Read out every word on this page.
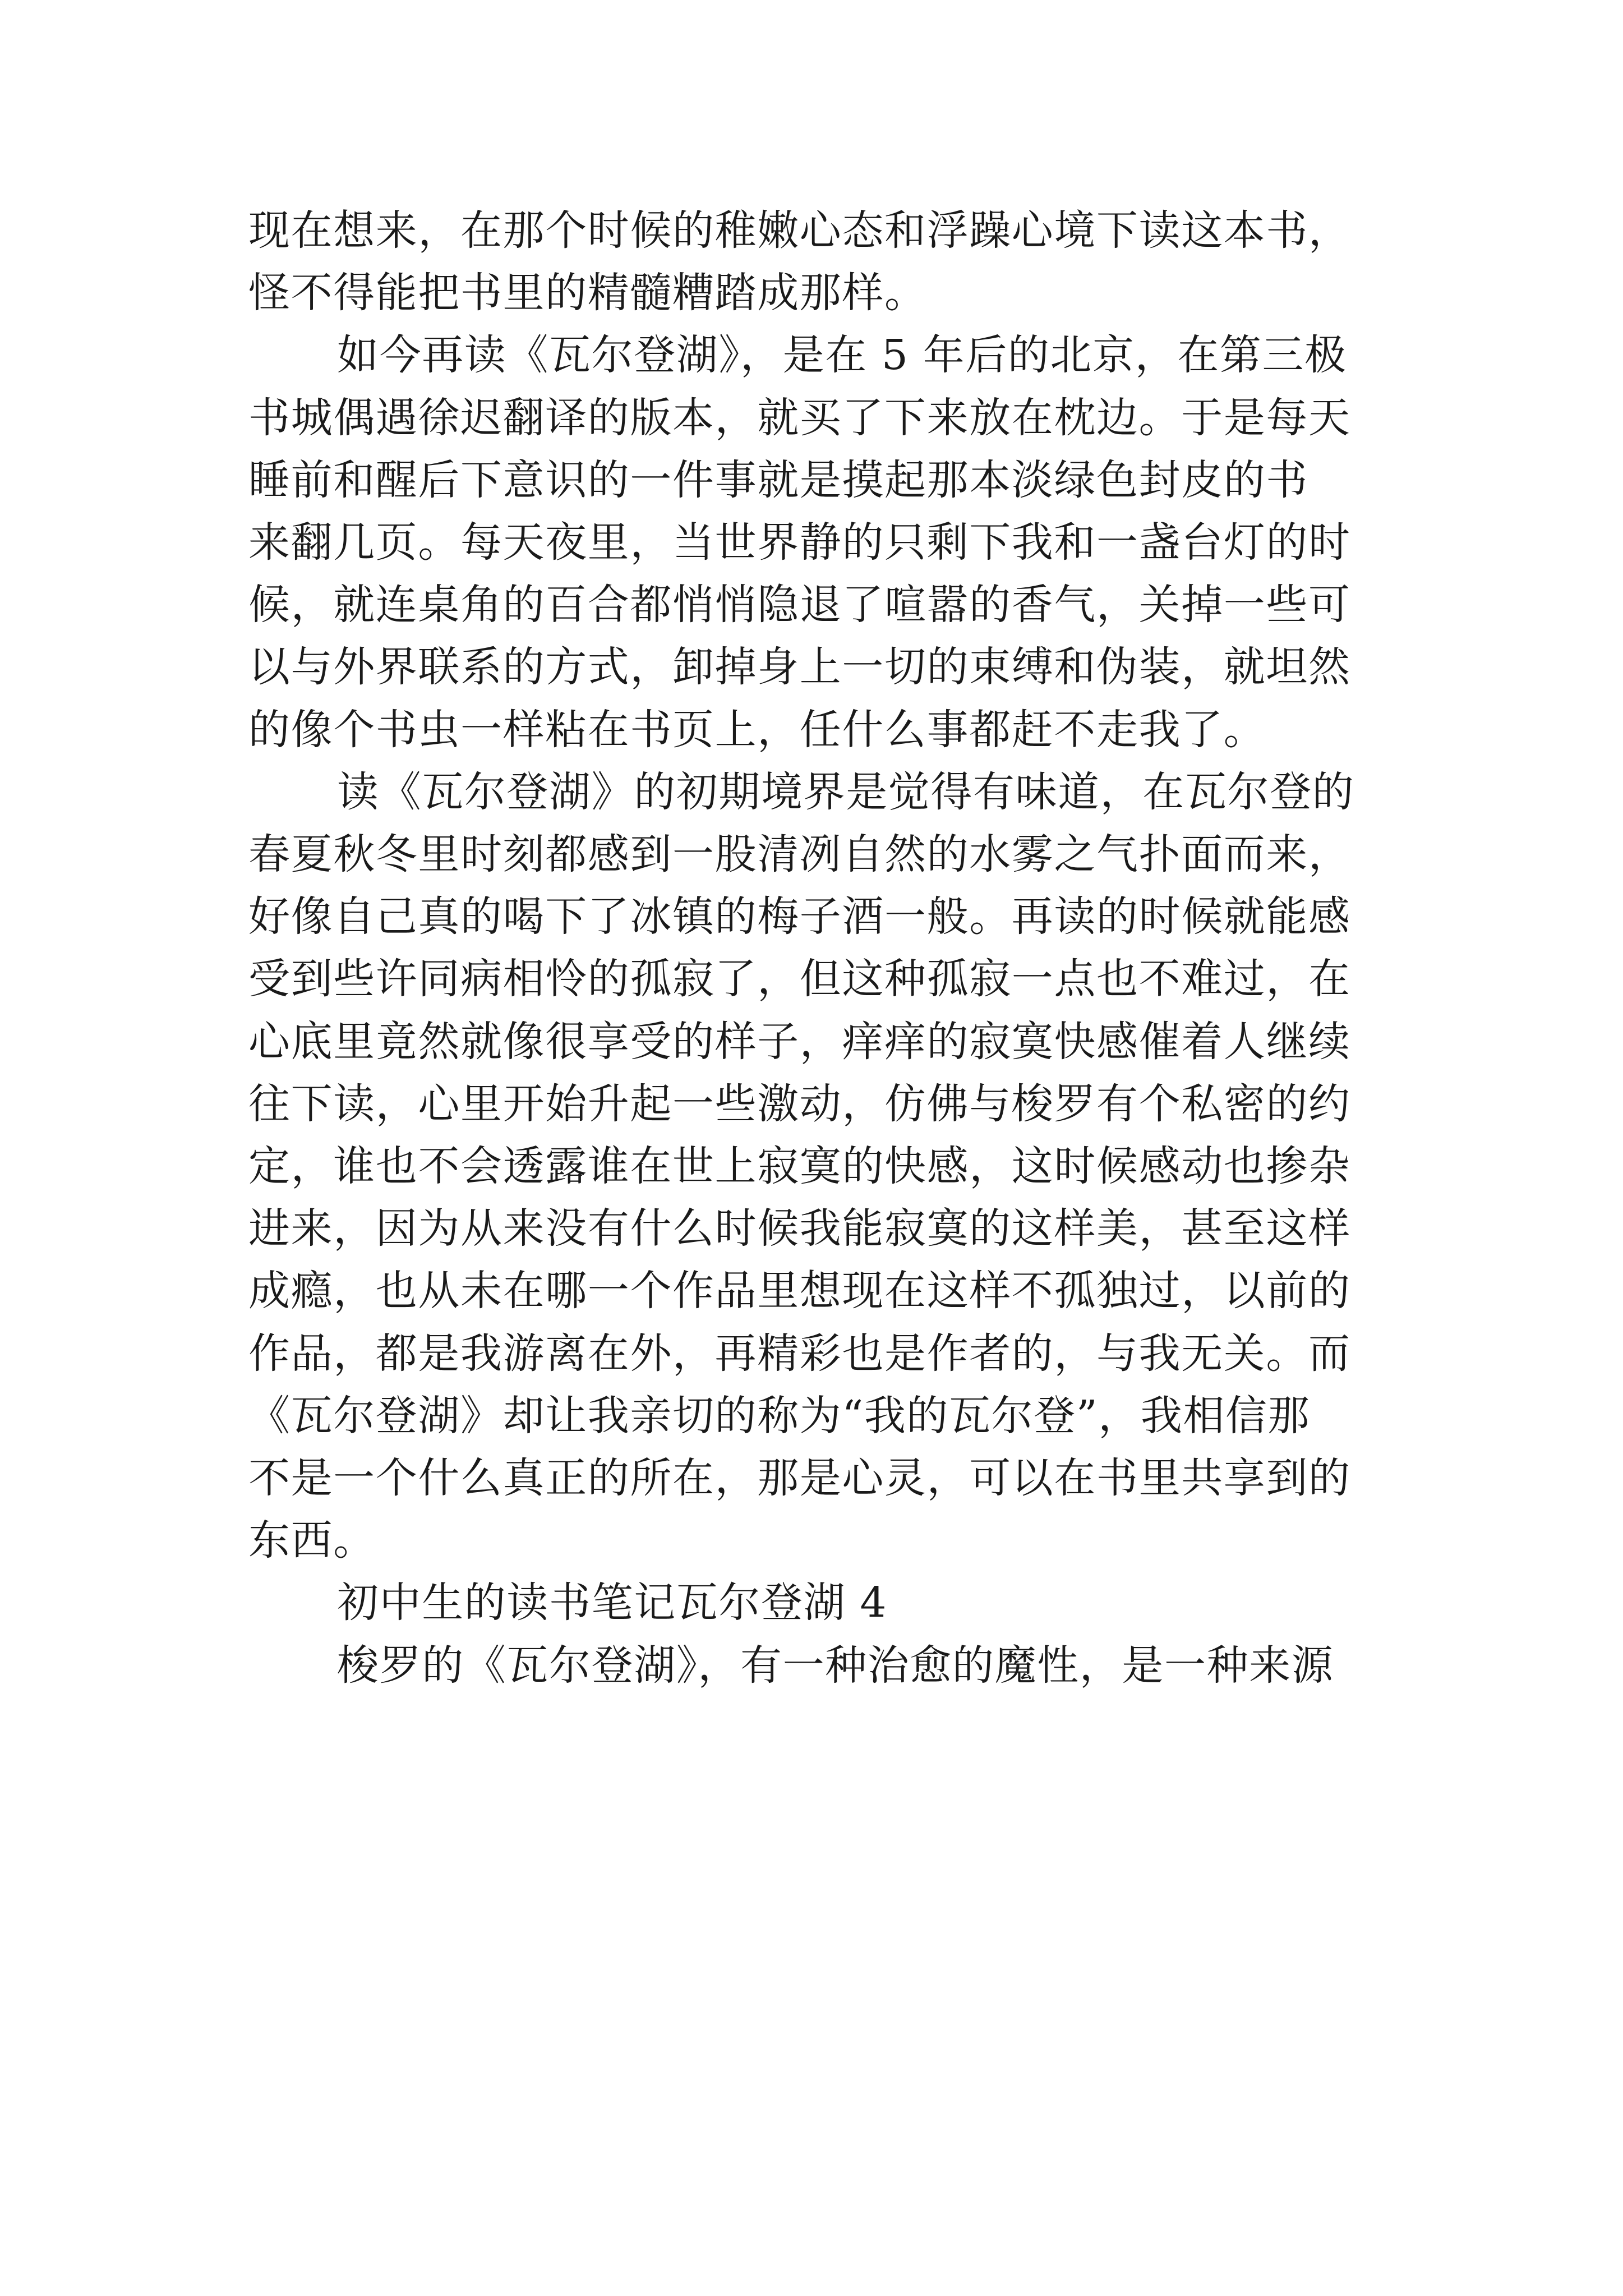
现在想来，在那个时候的稚嫩心态和浮躁心境下读这本书，
怪不得能把书里的精髓糟踏成那样。

如今再读《瓦尔登湖》，是在 5 年后的北京，在第三极
书城偶遇徐迟翻译的版本，就买了下来放在枕边。于是每天
睡前和醒后下意识的一件事就是摸起那本淡绿色封皮的书
来翻几页。每天夜里，当世界静的只剩下我和一盏台灯的时
候，就连桌角的百合都悄悄隐退了喧嚣的香气，关掉一些可
以与外界联系的方式，卸掉身上一切的束缚和伪装，就坦然
的像个书虫一样粘在书页上，任什么事都赶不走我了。

读《瓦尔登湖》的初期境界是觉得有味道，在瓦尔登的
春夏秋冬里时刻都感到一股清冽自然的水雾之气扑面而来，
好像自己真的喝下了冰镇的梅子酒一般。再读的时候就能感
受到些许同病相怜的孤寂了，但这种孤寂一点也不难过，在
心底里竟然就像很享受的样子，痒痒的寂寞快感催着人继续
往下读，心里开始升起一些激动，仿佛与梭罗有个私密的约
定，谁也不会透露谁在世上寂寞的快感，这时候感动也掺杂
进来，因为从来没有什么时候我能寂寞的这样美，甚至这样
成瘾，也从未在哪一个作品里想现在这样不孤独过，以前的
作品，都是我游离在外，再精彩也是作者的，与我无关。而
《瓦尔登湖》却让我亲切的称为“我的瓦尔登”，我相信那
不是一个什么真正的所在，那是心灵，可以在书里共享到的
东西。

初中生的读书笔记瓦尔登湖 4

梭罗的《瓦尔登湖》，有一种治愈的魔性，是一种来源
